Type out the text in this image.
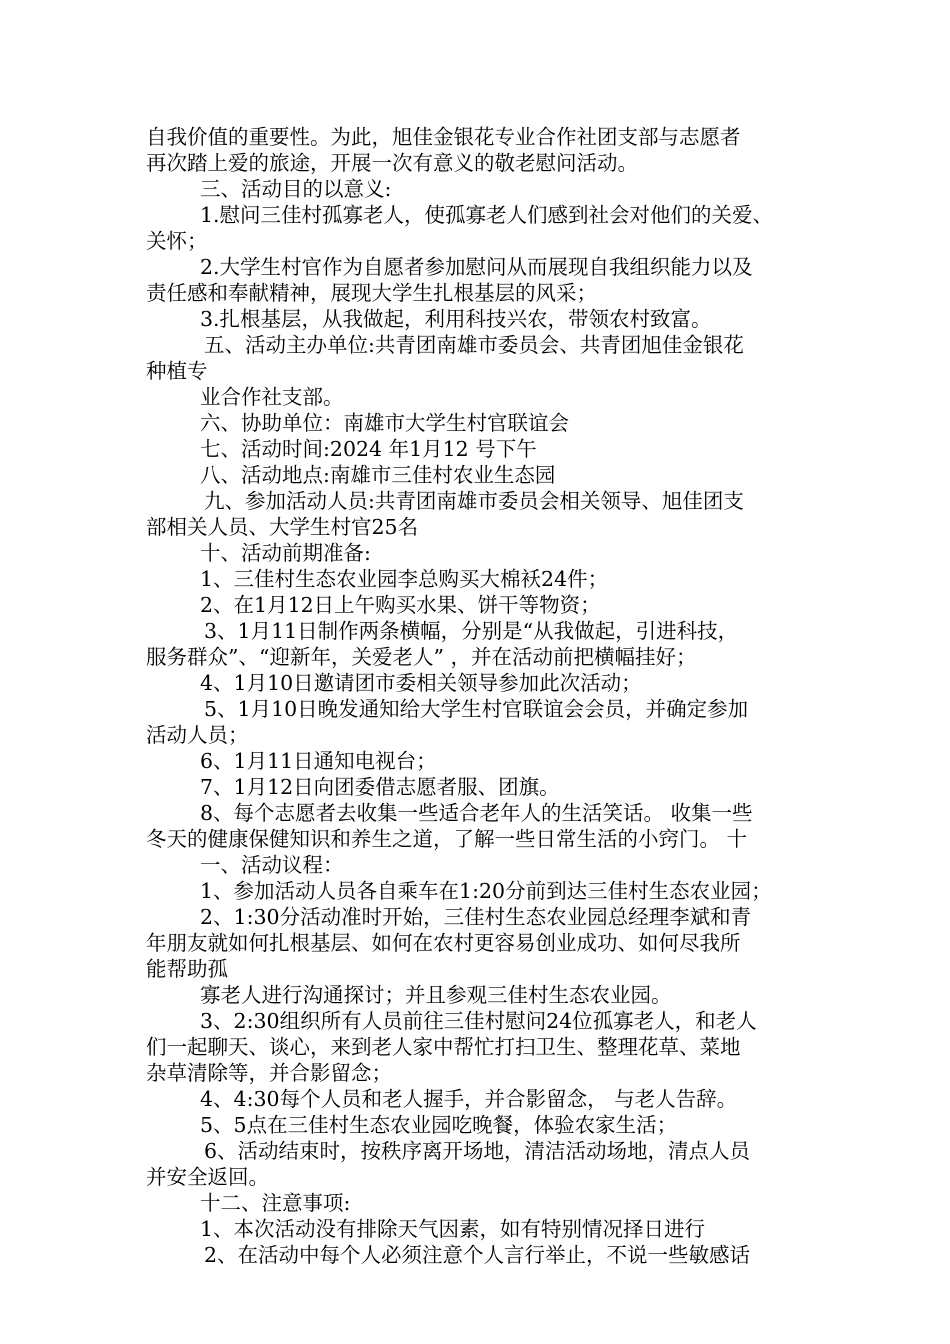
自我价值的重要性。为此，旭佳金银花专业合作社团支部与志愿者
再次踏上爱的旅途，开展一次有意义的敬老慰问活动。
三、活动目的以意义:
1.慰问三佳村孤寡老人，使孤寡老人们感到社会对他们的关爱、
关怀；
2.大学生村官作为自愿者参加慰问从而展现自我组织能力以及
责任感和奉献精神，展现大学生扎根基层的风采；
3.扎根基层，从我做起，利用科技兴农，带领农村致富。
五、活动主办单位:共青团南雄市委员会、共青团旭佳金银花
种植专
业合作社支部。
六、协助单位：南雄市大学生村官联谊会
七、活动时间:2024 年1月12 号下午
八、活动地点:南雄市三佳村农业生态园
九、参加活动人员:共青团南雄市委员会相关领导、旭佳团支
部相关人员、大学生村官25名
十、活动前期准备:
1、三佳村生态农业园李总购买大棉袄24件；
2、在1月12日上午购买水果、饼干等物资；
3、1月11日制作两条横幅，分别是“从我做起，引进科技，
服务群众”、“迎新年，关爱老人” ，并在活动前把横幅挂好；
4、1月10日邀请团市委相关领导参加此次活动；
5、1月10日晚发通知给大学生村官联谊会会员，并确定参加
活动人员；
6、1月11日通知电视台；
7、1月12日向团委借志愿者服、团旗。
8、每个志愿者去收集一些适合老年人的生活笑话。 收集一些
冬天的健康保健知识和养生之道，了解一些日常生活的小窍门。 十
一、活动议程：
1、参加活动人员各自乘车在1:20分前到达三佳村生态农业园；
2、1:30分活动准时开始，三佳村生态农业园总经理李斌和青
年朋友就如何扎根基层、如何在农村更容易创业成功、如何尽我所
能帮助孤
寡老人进行沟通探讨；并且参观三佳村生态农业园。
3、2:30组织所有人员前往三佳村慰问24位孤寡老人，和老人
们一起聊天、谈心，来到老人家中帮忙打扫卫生、整理花草、菜地
杂草清除等，并合影留念；
4、4:30每个人员和老人握手，并合影留念， 与老人告辞。
5、5点在三佳村生态农业园吃晚餐，体验农家生活；
6、活动结束时，按秩序离开场地，清洁活动场地，清点人员
并安全返回。
十二、注意事项:
1、本次活动没有排除天气因素，如有特别情况择日进行
2、在活动中每个人必须注意个人言行举止，不说一些敏感话
